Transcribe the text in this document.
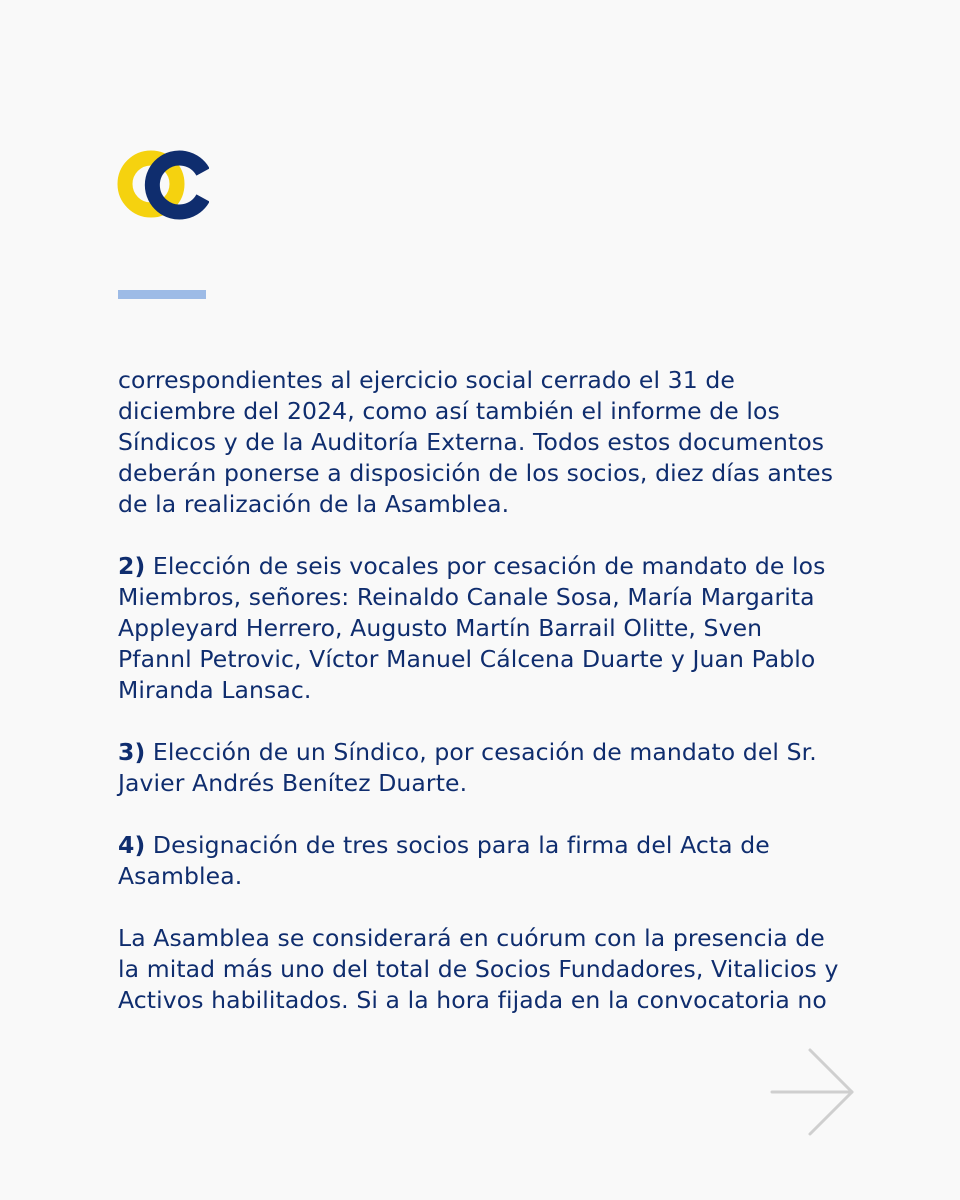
correspondientes al ejercicio social cerrado el 31 de
diciembre del 2024, como así también el informe de los
Síndicos y de la Auditoría Externa. Todos estos documentos
deberán ponerse a disposición de los socios, diez días antes
de la realización de la Asamblea.
2) Elección de seis vocales por cesación de mandato de los
Miembros, señores: Reinaldo Canale Sosa, María Margarita
Appleyard Herrero, Augusto Martín Barrail Olitte, Sven
Pfannl Petrovic, Víctor Manuel Cálcena Duarte y Juan Pablo
Miranda Lansac.
3) Elección de un Síndico, por cesación de mandato del Sr.
Javier Andrés Benítez Duarte.
4) Designación de tres socios para la firma del Acta de
Asamblea.
La Asamblea se considerará en cuórum con la presencia de
la mitad más uno del total de Socios Fundadores, Vitalicios y
Activos habilitados. Si a la hora fijada en la convocatoria no
